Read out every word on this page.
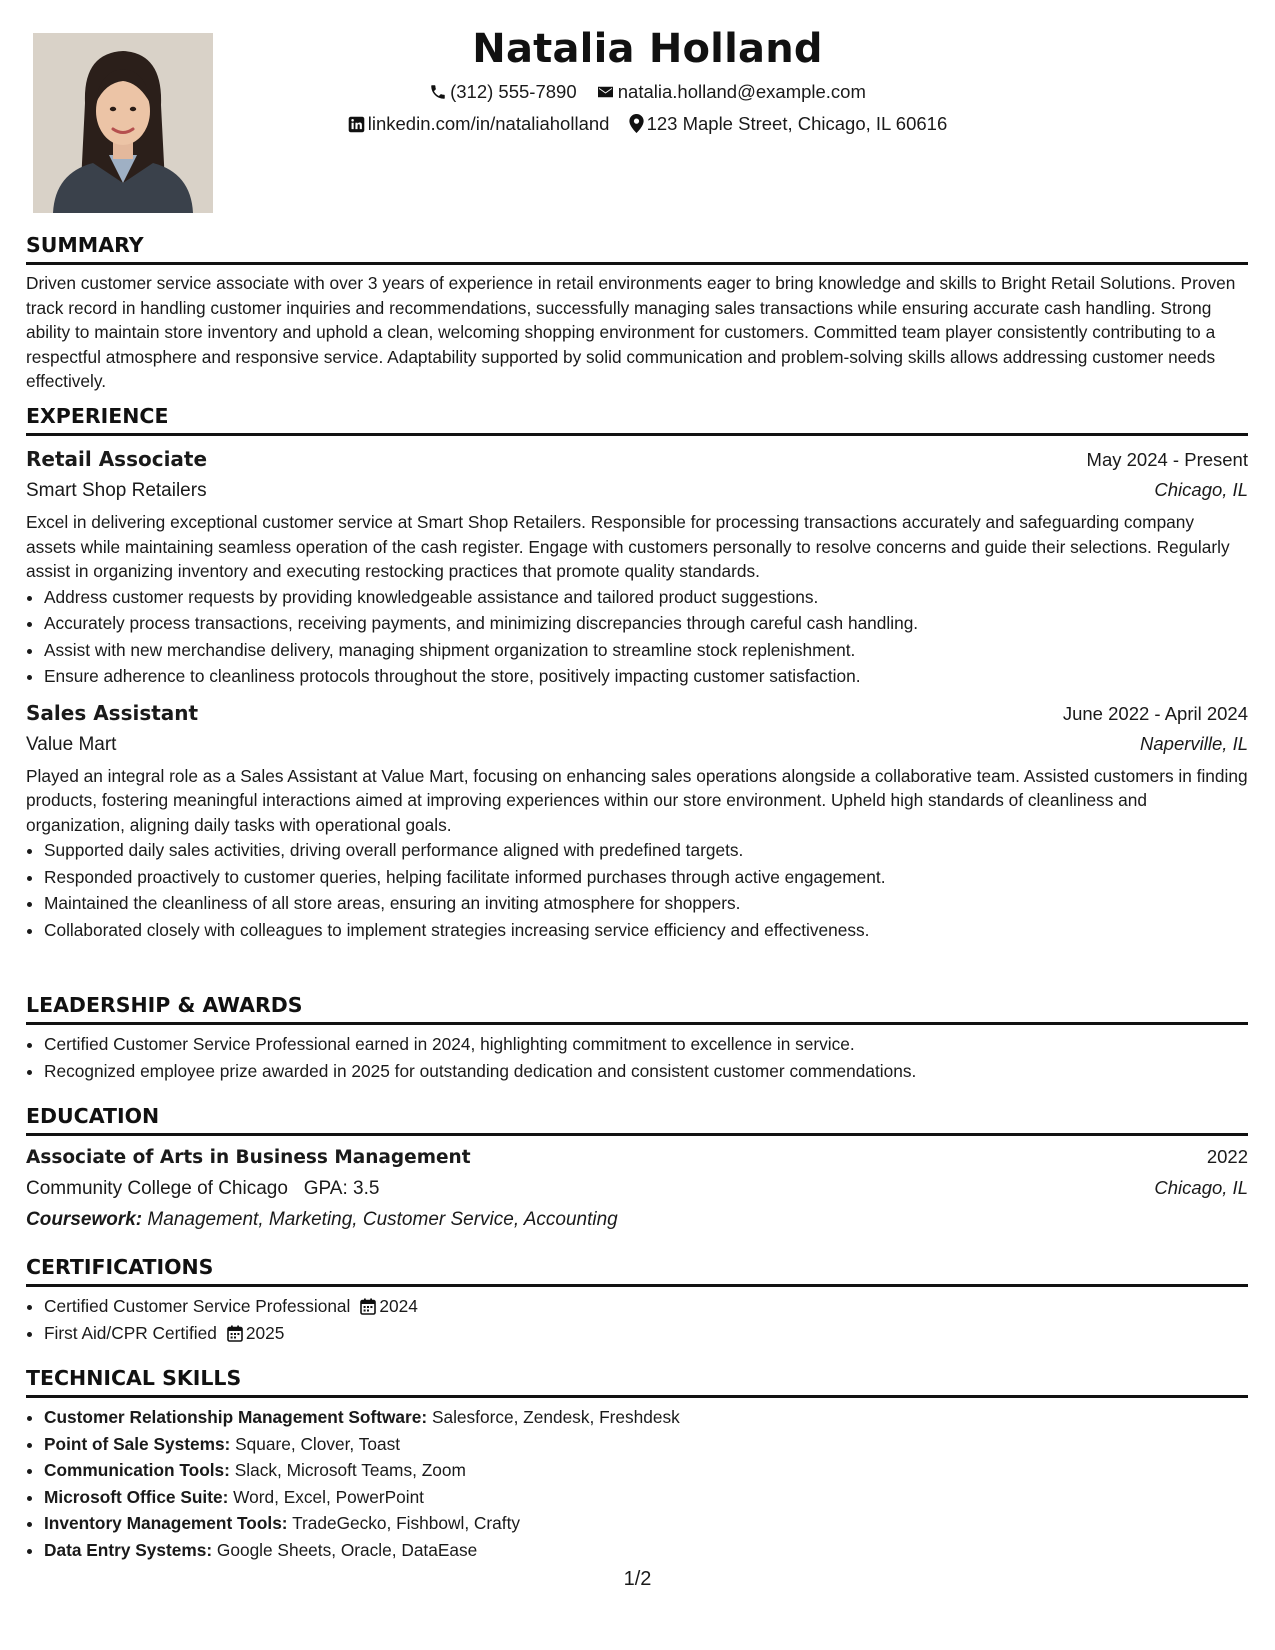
Natalia Holland
(312) 555-7890 natalia.holland@example.com
linkedin.com/in/nataliaholland 123 Maple Street, Chicago, IL 60616
SUMMARY

Driven customer service associate with over 3 years of experience in retail environments eager to bring knowledge and skills to Bright Retail Solutions. Proven track record in handling customer inquiries and recommendations, successfully managing sales transactions while ensuring accurate cash handling. Strong ability to maintain store inventory and uphold a clean, welcoming shopping environment for customers. Committed team player consistently contributing to a respectful atmosphere and responsive service. Adaptability supported by solid communication and problem-solving skills allows addressing customer needs effectively.

EXPERIENCE
Retail Associate	May 2024 - Present
Smart Shop Retailers	Chicago, IL

Excel in delivering exceptional customer service at Smart Shop Retailers. Responsible for processing transactions accurately and safeguarding company assets while maintaining seamless operation of the cash register. Engage with customers personally to resolve concerns and guide their selections. Regularly assist in organizing inventory and executing restocking practices that promote quality standards.

• Address customer requests by providing knowledgeable assistance and tailored product suggestions.
• Accurately process transactions, receiving payments, and minimizing discrepancies through careful cash handling.
• Assist with new merchandise delivery, managing shipment organization to streamline stock replenishment.
• Ensure adherence to cleanliness protocols throughout the store, positively impacting customer satisfaction.
Sales Assistant	June 2022 - April 2024
Value Mart	Naperville, IL

Played an integral role as a Sales Assistant at Value Mart, focusing on enhancing sales operations alongside a collaborative team. Assisted customers in finding products, fostering meaningful interactions aimed at improving experiences within our store environment. Upheld high standards of cleanliness and organization, aligning daily tasks with operational goals.

• Supported daily sales activities, driving overall performance aligned with predefined targets.
• Responded proactively to customer queries, helping facilitate informed purchases through active engagement.
• Maintained the cleanliness of all store areas, ensuring an inviting atmosphere for shoppers.
• Collaborated closely with colleagues to implement strategies increasing service efficiency and effectiveness.
LEADERSHIP & AWARDS
• Certified Customer Service Professional earned in 2024, highlighting commitment to excellence in service.
• Recognized employee prize awarded in 2025 for outstanding dedication and consistent customer commendations.
EDUCATION
Associate of Arts in Business Management	2022
Community College of Chicago GPA: 3.5	Chicago, IL
Coursework: Management, Marketing, Customer Service, Accounting
CERTIFICATIONS
• Certified Customer Service Professional 2024
• First Aid/CPR Certified 2025
TECHNICAL SKILLS
• Customer Relationship Management Software: Salesforce, Zendesk, Freshdesk
• Point of Sale Systems: Square, Clover, Toast
• Communication Tools: Slack, Microsoft Teams, Zoom
• Microsoft Office Suite: Word, Excel, PowerPoint
• Inventory Management Tools: TradeGecko, Fishbowl, Crafty
• Data Entry Systems: Google Sheets, Oracle, DataEase
1/2
